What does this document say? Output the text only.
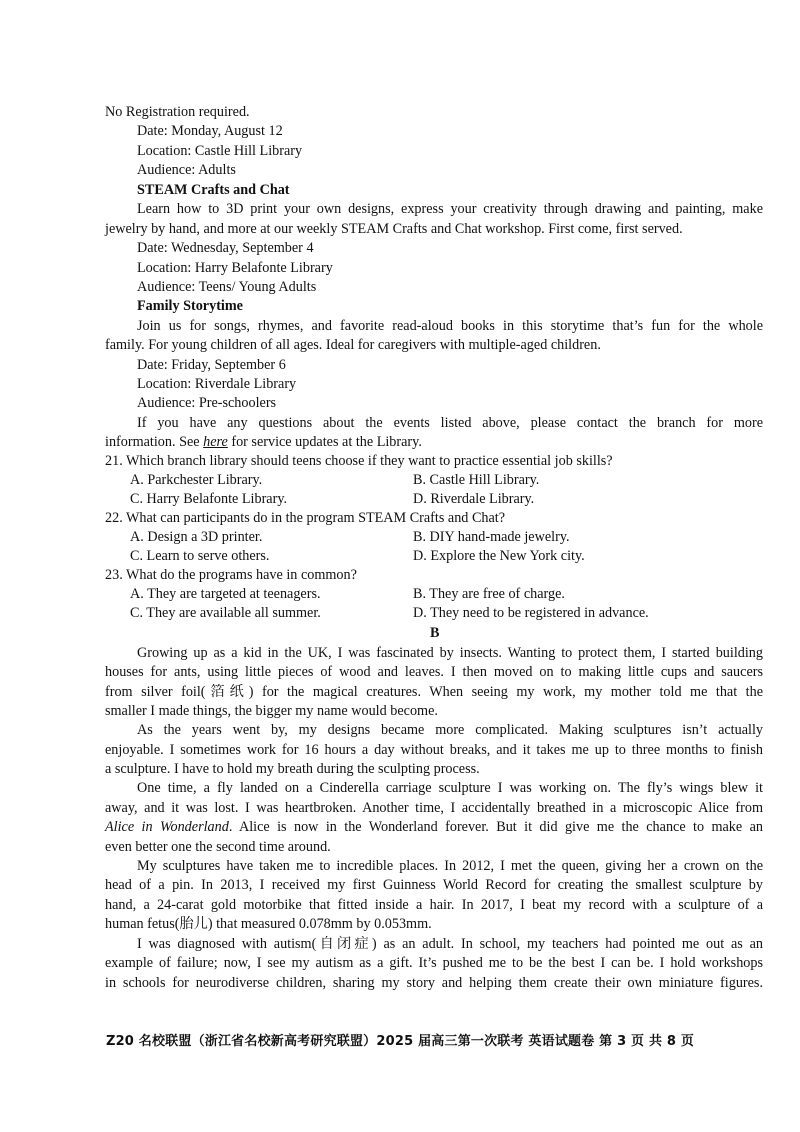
No Registration required.
Date: Monday, August 12
Location: Castle Hill Library
Audience: Adults
STEAM Crafts and Chat
Learn how to 3D print your own designs, express your creativity through drawing and painting, make
jewelry by hand, and more at our weekly STEAM Crafts and Chat workshop. First come, first served.
Date: Wednesday, September 4
Location: Harry Belafonte Library
Audience: Teens/ Young Adults
Family Storytime
Join us for songs, rhymes, and favorite read-aloud books in this storytime that’s fun for the whole
family. For young children of all ages. Ideal for caregivers with multiple-aged children.
Date: Friday, September 6
Location: Riverdale Library
Audience: Pre-schoolers
If you have any questions about the events listed above, please contact the branch for more
information. See here for service updates at the Library.
21. Which branch library should teens choose if they want to practice essential job skills?
A. Parkchester Library.	B. Castle Hill Library.
C. Harry Belafonte Library.	D. Riverdale Library.
22. What can participants do in the program STEAM Crafts and Chat?
A. Design a 3D printer.	B. DIY hand-made jewelry.
C. Learn to serve others.	D. Explore the New York city.
23. What do the programs have in common?
A. They are targeted at teenagers.	B. They are free of charge.
C. They are available all summer.	D. They need to be registered in advance.
B
Growing up as a kid in the UK, I was fascinated by insects. Wanting to protect them, I started building
houses for ants, using little pieces of wood and leaves. I then moved on to making little cups and saucers
from silver foil(箔纸) for the magical creatures. When seeing my work, my mother told me that the
smaller I made things, the bigger my name would become.
As the years went by, my designs became more complicated. Making sculptures isn’t actually
enjoyable. I sometimes work for 16 hours a day without breaks, and it takes me up to three months to finish
a sculpture. I have to hold my breath during the sculpting process.
One time, a fly landed on a Cinderella carriage sculpture I was working on. The fly’s wings blew it
away, and it was lost. I was heartbroken. Another time, I accidentally breathed in a microscopic Alice from
Alice in Wonderland. Alice is now in the Wonderland forever. But it did give me the chance to make an
even better one the second time around.
My sculptures have taken me to incredible places. In 2012, I met the queen, giving her a crown on the
head of a pin. In 2013, I received my first Guinness World Record for creating the smallest sculpture by
hand, a 24-carat gold motorbike that fitted inside a hair. In 2017, I beat my record with a sculpture of a
human fetus(胎儿) that measured 0.078mm by 0.053mm.
I was diagnosed with autism(自闭症) as an adult. In school, my teachers had pointed me out as an
example of failure; now, I see my autism as a gift. It’s pushed me to be the best I can be. I hold workshops
in schools for neurodiverse children, sharing my story and helping them create their own miniature figures.
Z20 名校联盟（浙江省名校新高考研究联盟）2025 届高三第一次联考 英语试题卷 第 3 页 共 8 页
